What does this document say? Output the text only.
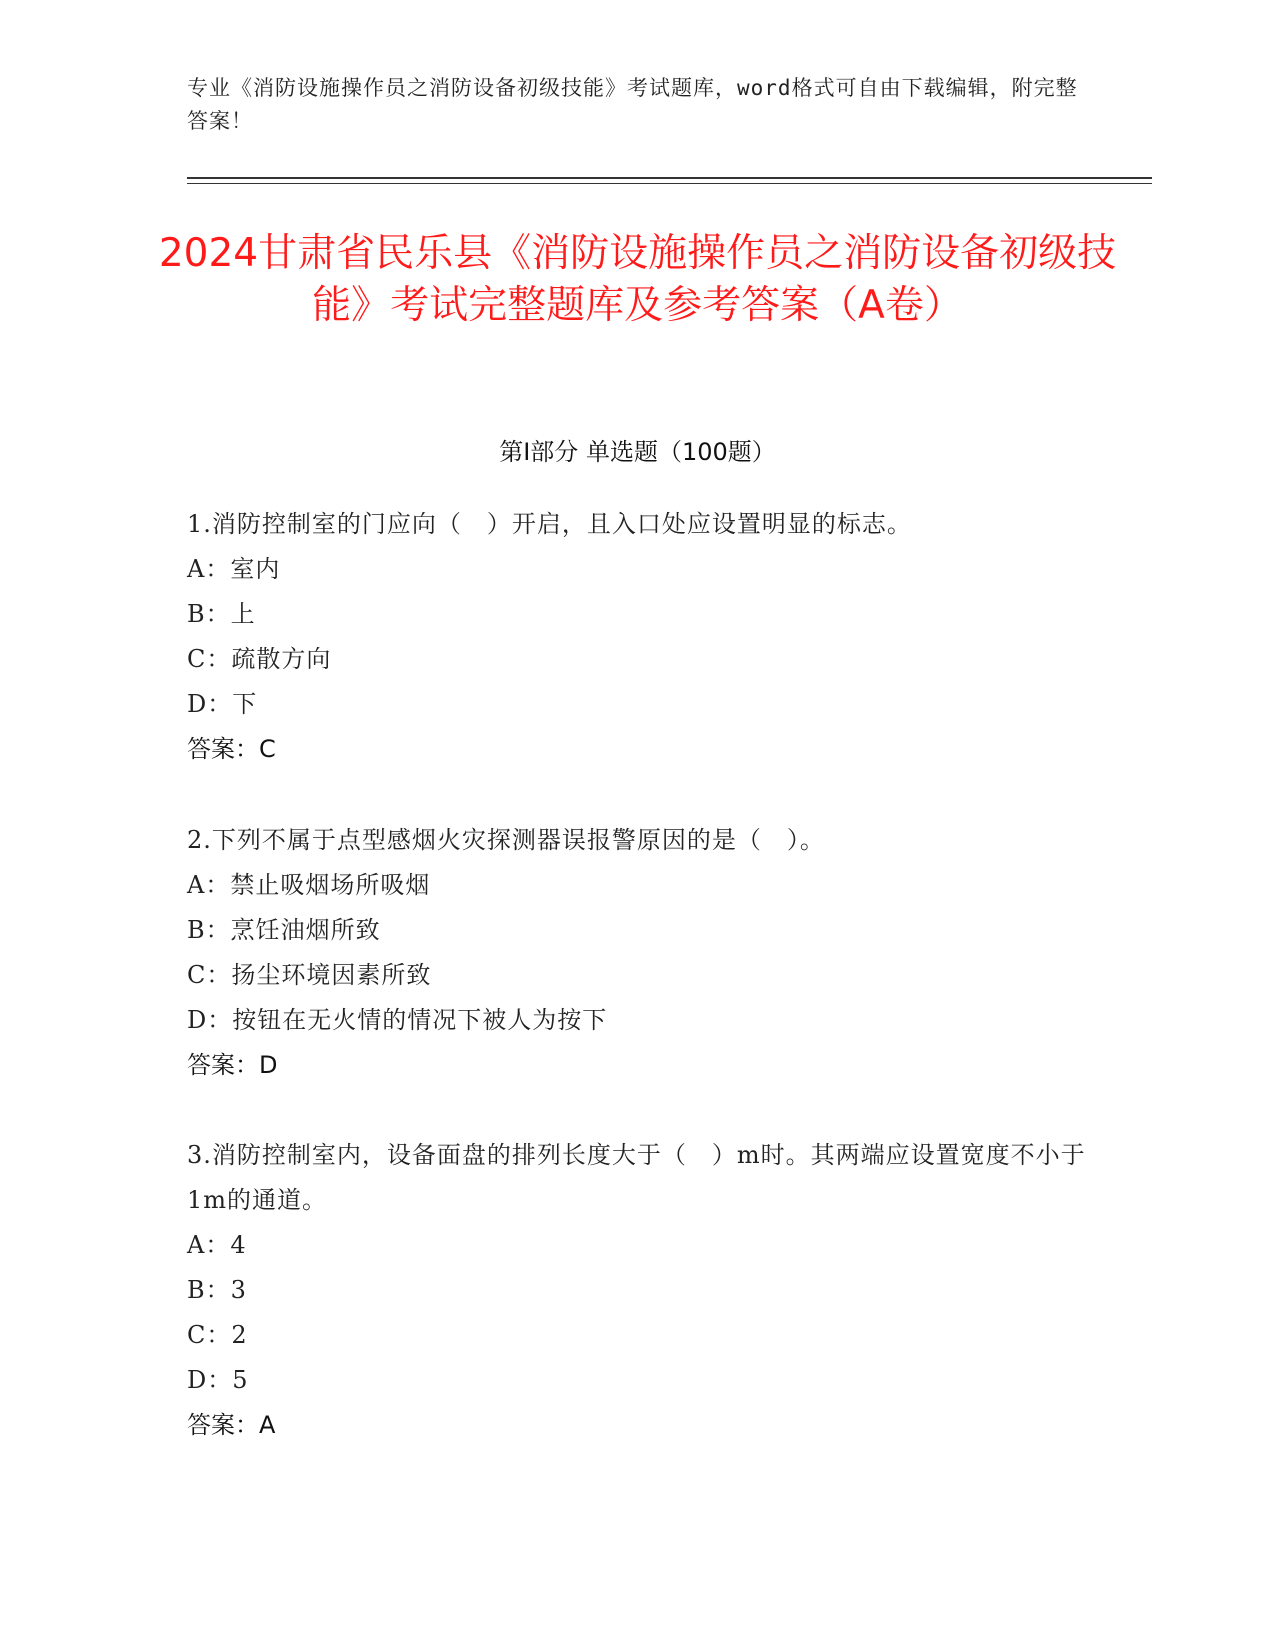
专业《消防设施操作员之消防设备初级技能》考试题库，word格式可自由下载编辑，附完整答案！
2024甘肃省民乐县《消防设施操作员之消防设备初级技能》考试完整题库及参考答案（A卷）
第I部分 单选题（100题）
1.消防控制室的门应向（　）开启，且入口处应设置明显的标志。
A：室内
B：上
C：疏散方向
D：下
答案：C
2.下列不属于点型感烟火灾探测器误报警原因的是（　）。
A：禁止吸烟场所吸烟
B：烹饪油烟所致
C：扬尘环境因素所致
D：按钮在无火情的情况下被人为按下
答案：D
3.消防控制室内，设备面盘的排列长度大于（　）m时。其两端应设置宽度不小于1m的通道。
A：4
B：3
C：2
D：5
答案：A
